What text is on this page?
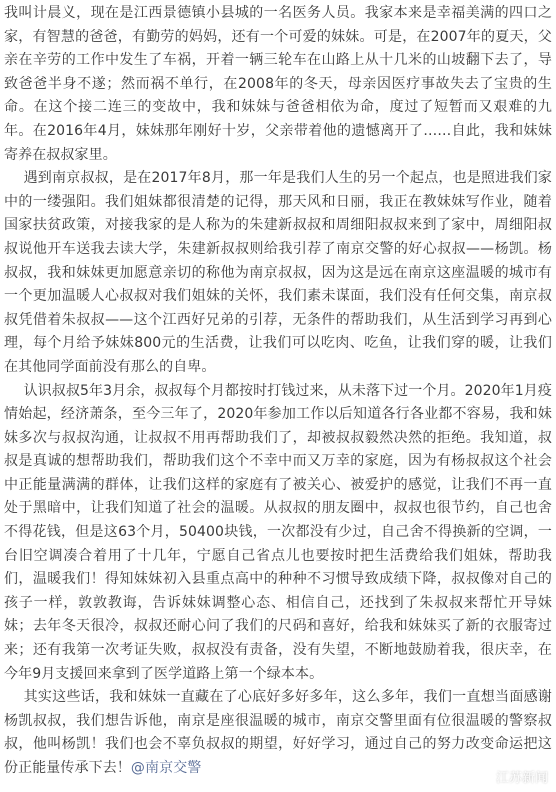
我叫计晨义，现在是江西景德镇小县城的一名医务人员。我家本来是幸福美满的四口之家，有智慧的爸爸，有勤劳的妈妈，还有一个可爱的妹妹。可是，在2007年的夏天，父亲在辛劳的工作中发生了车祸，开着一辆三轮车在山路上从十几米的山坡翻下去了，导致爸爸半身不遂；然而祸不单行，在2008年的冬天，母亲因医疗事故失去了宝贵的生命。在这个接二连三的变故中，我和妹妹与爸爸相依为命，度过了短暂而又艰难的九年。在2016年4月，妹妹那年刚好十岁，父亲带着他的遗憾离开了……自此，我和妹妹寄养在叔叔家里。

遇到南京叔叔，是在2017年8月，那一年是我们人生的另一个起点，也是照进我们家中的一缕强阳。我们姐妹都很清楚的记得，那天风和日丽，我正在教妹妹写作业，随着国家扶贫政策，对接我家的是人称为的朱建新叔叔和周细阳叔叔来到了家中，周细阳叔叔说他开车送我去读大学，朱建新叔叔则给我引荐了南京交警的好心叔叔——杨凯。杨叔叔，我和妹妹更加愿意亲切的称他为南京叔叔，因为这是远在南京这座温暖的城市有一个更加温暖人心叔叔对我们姐妹的关怀，我们素未谋面，我们没有任何交集，南京叔叔凭借着朱叔叔——这个江西好兄弟的引荐，无条件的帮助我们，从生活到学习再到心理，每个月给予妹妹800元的生活费，让我们可以吃肉、吃鱼，让我们穿的暖，让我们在其他同学面前没有那么的自卑。

认识叔叔5年3月余，叔叔每个月都按时打钱过来，从未落下过一个月。2020年1月疫情始起，经济萧条，至今三年了，2020年参加工作以后知道各行各业都不容易，我和妹妹多次与叔叔沟通，让叔叔不用再帮助我们了，却被叔叔毅然决然的拒绝。我知道，叔叔是真诚的想帮助我们，帮助我们这个不幸中而又万幸的家庭，因为有杨叔叔这个社会中正能量满满的群体，让我们这样的家庭有了被关心、被爱护的感觉，让我们不再一直处于黑暗中，让我们知道了社会的温暖。从叔叔的朋友圈中，叔叔也很节约，自己也舍不得花钱，但是这63个月，50400块钱，一次都没有少过，自己舍不得换新的空调，一台旧空调凑合着用了十几年，宁愿自己省点儿也要按时把生活费给我们姐妹，帮助我们，温暖我们！得知妹妹初入县重点高中的种种不习惯导致成绩下降，叔叔像对自己的孩子一样，敦敦教诲，告诉妹妹调整心态、相信自己，还找到了朱叔叔来帮忙开导妹妹；去年冬天很冷，叔叔还耐心问了我们的尺码和喜好，给我和妹妹买了新的衣服寄过来；还有我第一次考证失败，叔叔没有责备，没有失望，不断地鼓励着我，很庆幸，在今年9月支援回来拿到了医学道路上第一个绿本本。

其实这些话，我和妹妹一直藏在了心底好多好多年，这么多年，我们一直想当面感谢杨凯叔叔，我们想告诉他，南京是座很温暖的城市，南京交警里面有位很温暖的警察叔叔，他叫杨凯！我们也会不辜负叔叔的期望，好好学习，通过自己的努力改变命运把这份正能量传承下去！@南京交警

江苏新闻
